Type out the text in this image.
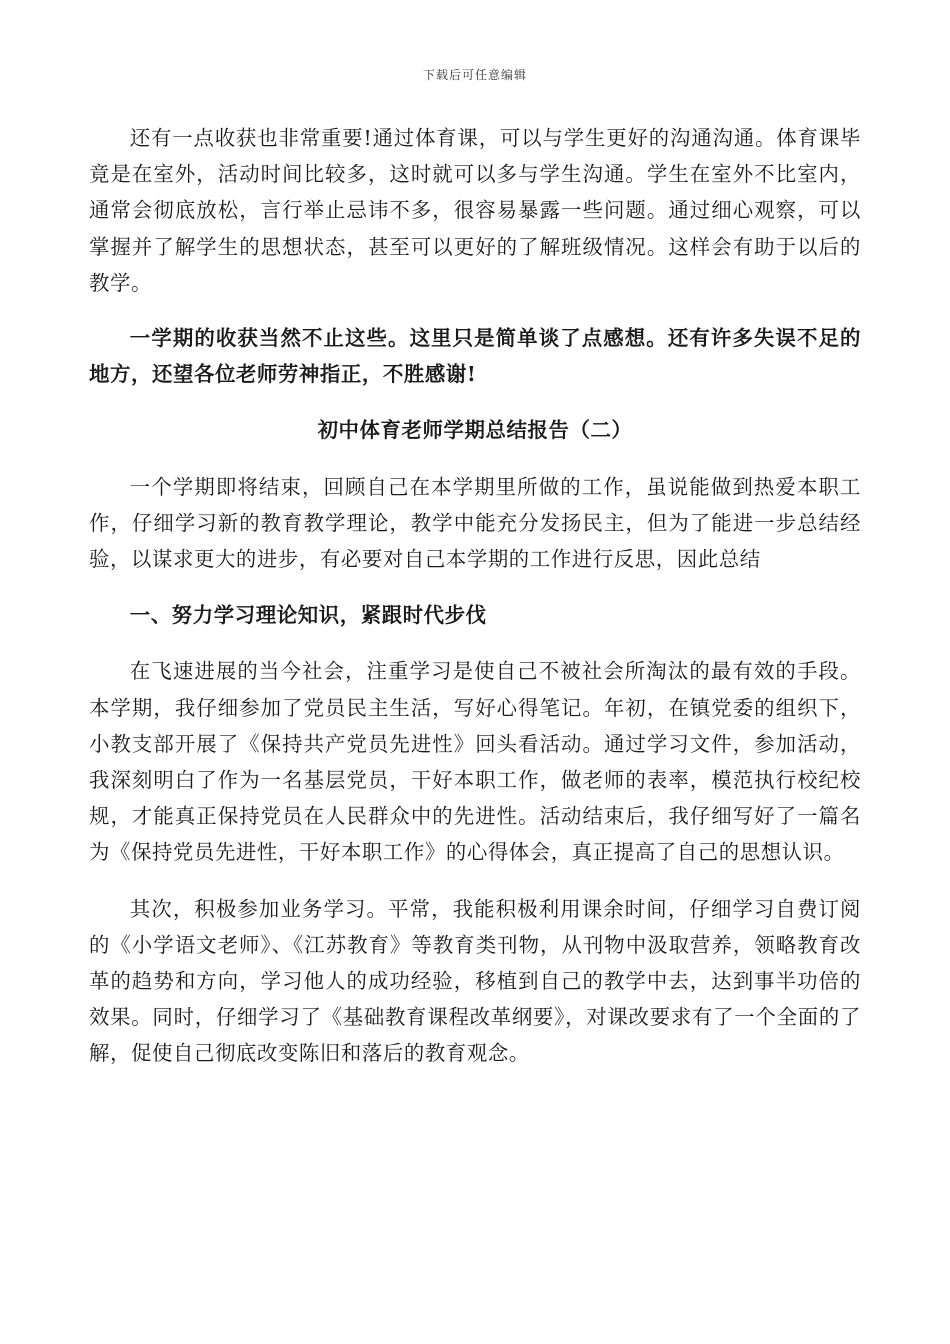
下载后可任意编辑

还有一点收获也非常重要!通过体育课，可以与学生更好的沟通沟通。体育课毕竟是在室外，活动时间比较多，这时就可以多与学生沟通。学生在室外不比室内，通常会彻底放松，言行举止忌讳不多，很容易暴露一些问题。通过细心观察，可以掌握并了解学生的思想状态，甚至可以更好的了解班级情况。这样会有助于以后的教学。

一学期的收获当然不止这些。这里只是简单谈了点感想。还有许多失误不足的地方，还望各位老师劳神指正，不胜感谢!

初中体育老师学期总结报告（二）

一个学期即将结束，回顾自己在本学期里所做的工作，虽说能做到热爱本职工作，仔细学习新的教育教学理论，教学中能充分发扬民主，但为了能进一步总结经验，以谋求更大的进步，有必要对自己本学期的工作进行反思，因此总结

一、努力学习理论知识，紧跟时代步伐

在飞速进展的当今社会，注重学习是使自己不被社会所淘汰的最有效的手段。本学期，我仔细参加了党员民主生活，写好心得笔记。年初，在镇党委的组织下，小教支部开展了《保持共产党员先进性》回头看活动。通过学习文件，参加活动，我深刻明白了作为一名基层党员，干好本职工作，做老师的表率，模范执行校纪校规，才能真正保持党员在人民群众中的先进性。活动结束后，我仔细写好了一篇名为《保持党员先进性，干好本职工作》的心得体会，真正提高了自己的思想认识。

其次，积极参加业务学习。平常，我能积极利用课余时间，仔细学习自费订阅的《小学语文老师》、《江苏教育》等教育类刊物，从刊物中汲取营养，领略教育改革的趋势和方向，学习他人的成功经验，移植到自己的教学中去，达到事半功倍的效果。同时，仔细学习了《基础教育课程改革纲要》，对课改要求有了一个全面的了解，促使自己彻底改变陈旧和落后的教育观念。
